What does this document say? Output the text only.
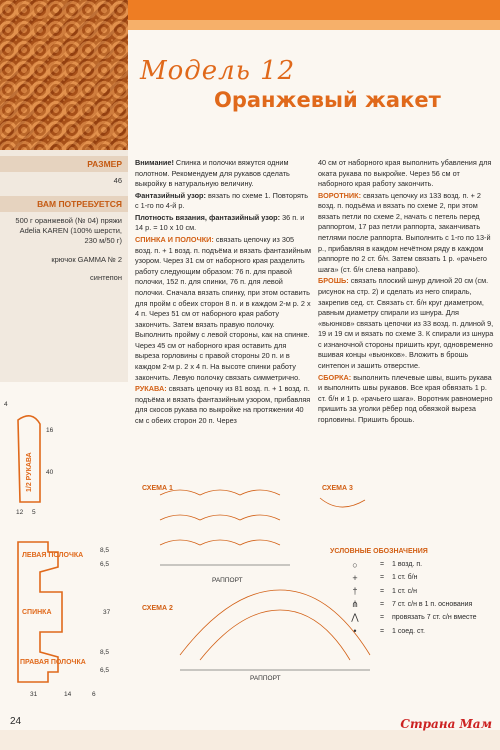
Модель 12
Оранжевый жакет
РАЗМЕР
46
ВАМ ПОТРЕБУЕТСЯ
500 г оранжевой (№ 04) пряжи Adelia KAREN (100% шерсти, 230 м/50 г)
крючок GAMMA № 2
синтепон

Внимание! Спинка и полочки вяжутся одним полотном. Рекомендуем для рукавов сделать выкройку в натуральную величину.

Фантазийный узор: вязать по схеме 1. Повторять с 1-го по 4-й р.

Плотность вязания, фантазийный узор: 36 п. и 14 р. = 10 х 10 см.

СПИНКА И ПОЛОЧКИ: связать цепочку из 305 возд. п. + 1 возд. п. подъёма и вязать фантазийным узором. Через 31 см от наборного края разделить работу следующим образом: 76 п. для правой полочки, 152 п. для спинки, 76 п. для левой полочки. Сначала вязать спинку, при этом оставить для пройм с обеих сторон 8 п. и в каждом 2-м р. 2 х 4 п. Через 51 см от наборного края работу закончить. Затем вязать правую полочку. Выполнить пройму с левой стороны, как на спинке. Через 45 см от наборного края оставить для выреза горловины с правой стороны 20 п. и в каждом 2-м р. 2 х 4 п. На высоте спинки работу закончить. Левую полочку связать симметрично.

РУКАВА: связать цепочку из 81 возд. п. + 1 возд. п. подъёма и вязать фантазийным узором, прибавляя для скосов рукава по выкройке на протяжении 40 см с обеих сторон 20 п. Через

40 см от наборного края выполнить убавления для оката рукава по выкройке. Через 56 см от наборного края работу закончить.

ВОРОТНИК: связать цепочку из 133 возд. п. + 2 возд. п. подъёма и вязать по схеме 2, при этом вязать петли по схеме 2, начать с петель перед раппортом, 17 раз петли раппорта, заканчивать петлями после раппорта. Выполнить с 1-го по 13-й р., прибавляя в каждом нечётном ряду в каждом раппорте по 2 ст. б/н. Затем связать 1 р. «рачьего шага» (ст. б/н слева направо).

БРОШЬ: связать плоский шнур длиной 20 см (см. рисунок на стр. 2) и сделать из него спираль, закрепив сед. ст. Связать ст. б/н круг диаметром, равным диаметру спирали из шнура. Для «вьюнков» связать цепочки из 33 возд. п. длиной 9, 19 и 19 см и вязать по схеме 3. К спирали из шнура с изнаночной стороны пришить круг, одновременно вшивая концы «вьюнков». Вложить в брошь синтепон и зашить отверстие.

СБОРКА: выполнить плечевые швы, вшить рукава и выполнить швы рукавов. Все края обвязать 1 р. ст. б/н и 1 р. «рачьего шага». Воротник равномерно пришить за уголки рёбер под обвязкой выреза горловины. Пришить брошь.

1/2 РУКАВА
ЛЕВАЯ ПОЛОЧКА
СПИНКА
ПРАВАЯ ПОЛОЧКА
4
16
40
12 5
8,5
6,5
37
8,5
6,5
31	14	6
РАППОРТ
РАППОРТ
СХЕМА 1
СХЕМА 2
СХЕМА 3
УСЛОВНЫЕ ОБОЗНАЧЕНИЯ
○	=	1 возд. п.
+	=	1 ст. б/н
†	=	1 ст. с/н
⋔	=	7 ст. с/н в 1 п. основания
⋀	=	провязать 7 ст. с/н вместе
•	=	1 соед. ст.
24	Страна Мам
